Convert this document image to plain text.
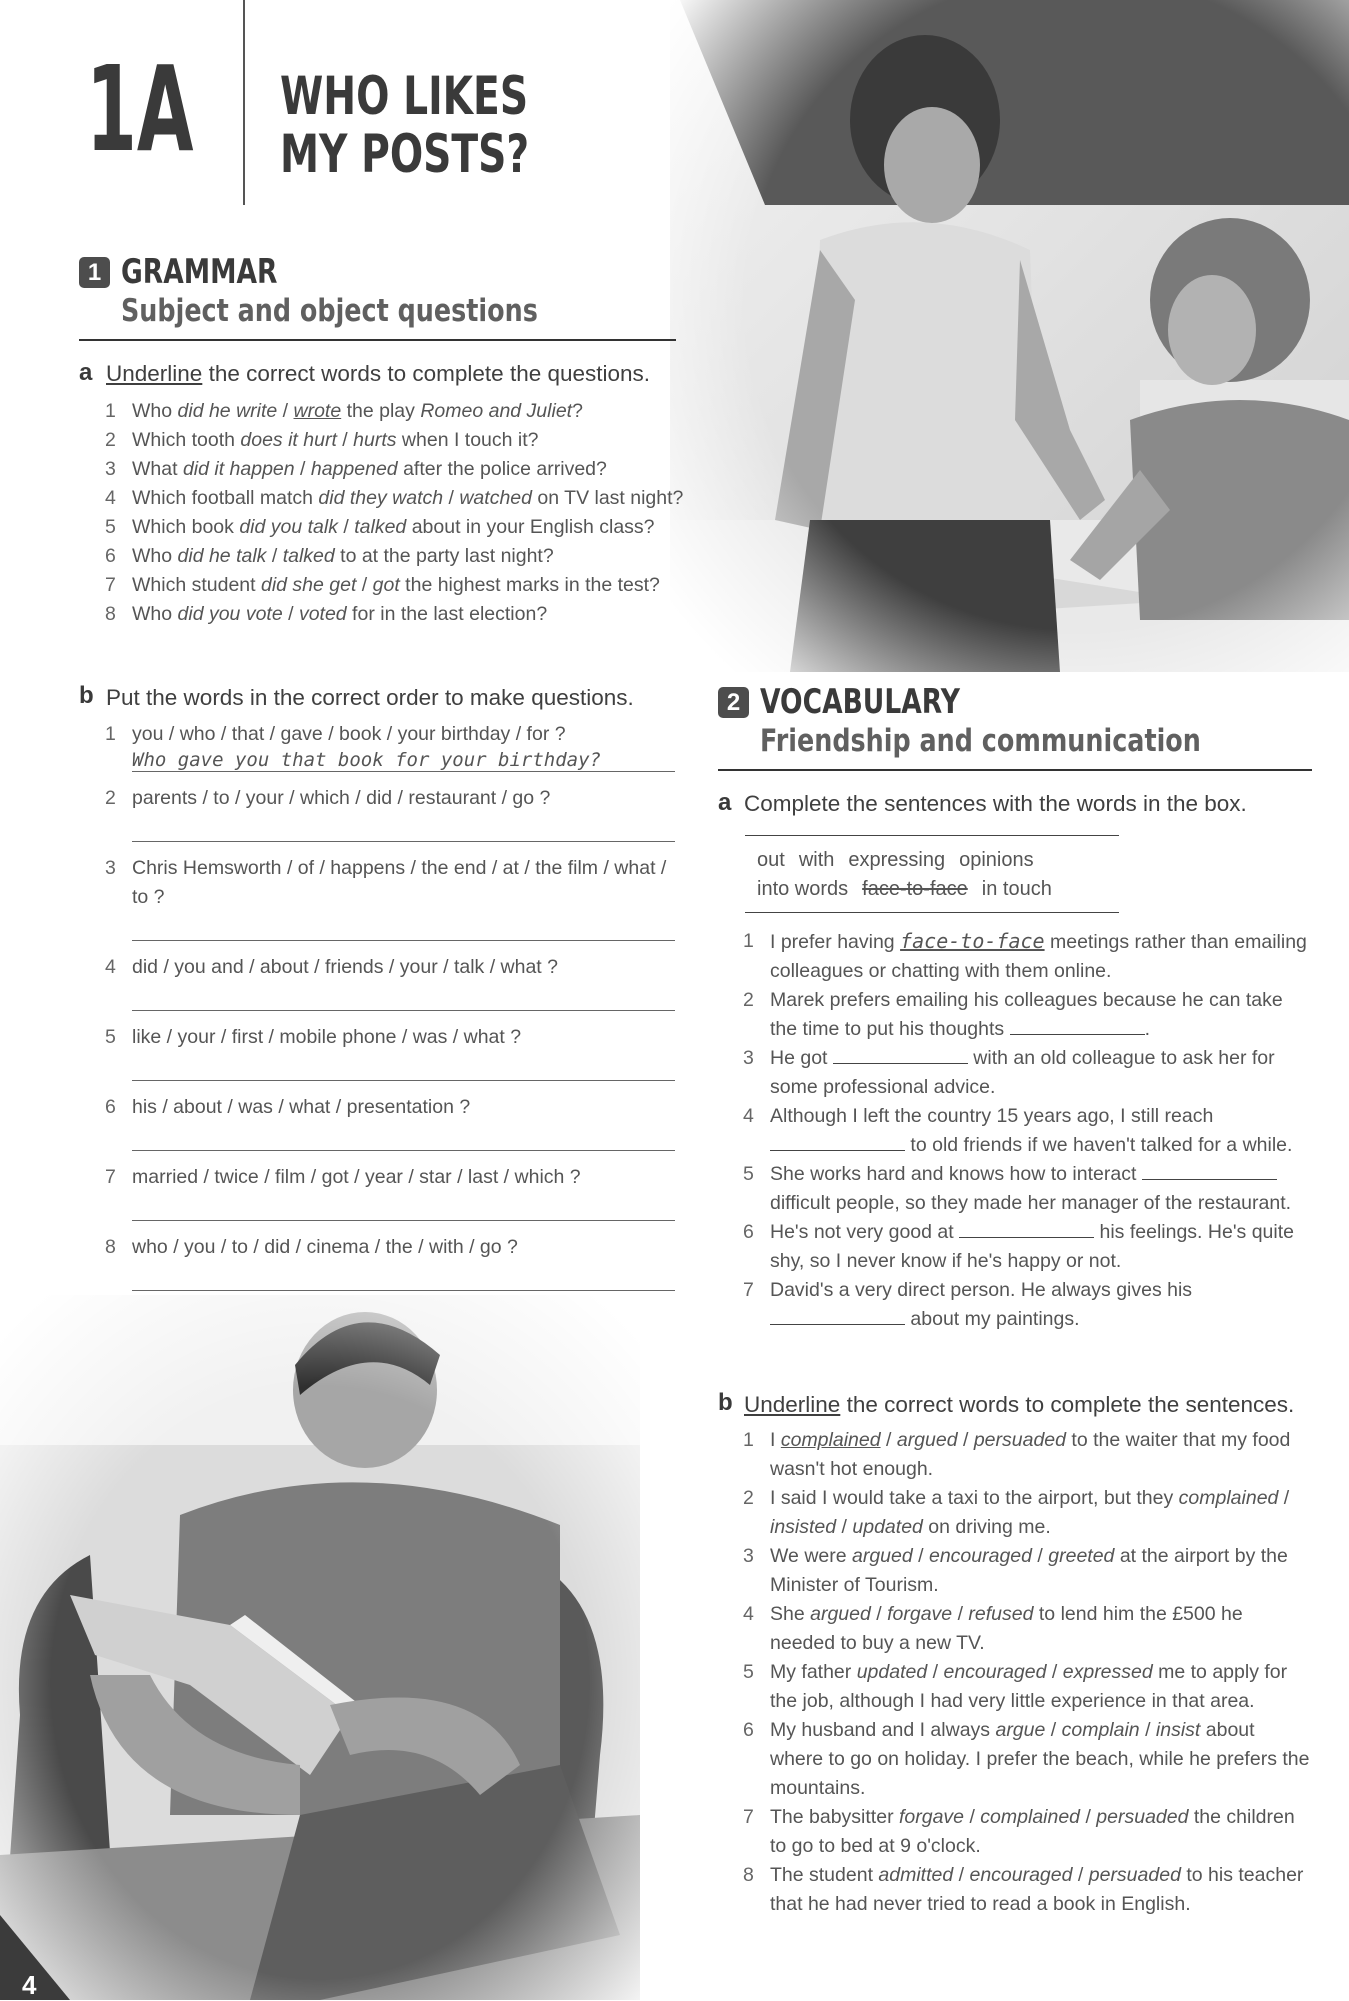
1A WHO LIKES
MY POSTS?
1 GRAMMAR
Subject and object questions
a Underline the correct words to complete the questions.
1 Who did he write / wrote the play Romeo and Juliet?
2 Which tooth does it hurt / hurts when I touch it?
3 What did it happen / happened after the police arrived?
4 Which football match did they watch / watched on TV last night?
5 Which book did you talk / talked about in your English class?
6 Who did he talk / talked to at the party last night?
7 Which student did she get / got the highest marks in the test?
8 Who did you vote / voted for in the last election?
b Put the words in the correct order to make questions.
1 you / who / that / gave / book / your birthday / for ?
Who gave you that book for your birthday?
2 parents / to / your / which / did / restaurant / go ?
3 Chris Hemsworth / of / happens / the end / at / the film / what / to ?
4 did / you and / about / friends / your / talk / what ?
5 like / your / first / mobile phone / was / what ?
6 his / about / was / what / presentation ?
7 married / twice / film / got / year / star / last / which ?
8 who / you / to / did / cinema / the / with / go ?
2 VOCABULARY
Friendship and communication
a Complete the sentences with the words in the box.
out with expressing opinions
into words face-to-face in touch
1 I prefer having face-to-face meetings rather than emailing colleagues or chatting with them online.
2 Marek prefers emailing his colleagues because he can take the time to put his thoughts	.
3 He got	with an old colleague to ask her for some professional advice.
4 Although I left the country 15 years ago, I still reach  to old friends if we haven't talked for a while.
5 She works hard and knows how to interact  difficult people, so they made her manager of the restaurant.
6 He's not very good at	his feelings. He's quite shy, so I never know if he's happy or not.
7 David's a very direct person. He always gives his  about my paintings.
b Underline the correct words to complete the sentences.
1 I complained / argued / persuaded to the waiter that my food wasn't hot enough.
2 I said I would take a taxi to the airport, but they complained / insisted / updated on driving me.
3 We were argued / encouraged / greeted at the airport by the Minister of Tourism.
4 She argued / forgave / refused to lend him the £500 he needed to buy a new TV.
5 My father updated / encouraged / expressed me to apply for the job, although I had very little experience in that area.
6 My husband and I always argue / complain / insist about where to go on holiday. I prefer the beach, while he prefers the mountains.
7 The babysitter forgave / complained / persuaded the children to go to bed at 9 o'clock.
8 The student admitted / encouraged / persuaded to his teacher that he had never tried to read a book in English.
4
